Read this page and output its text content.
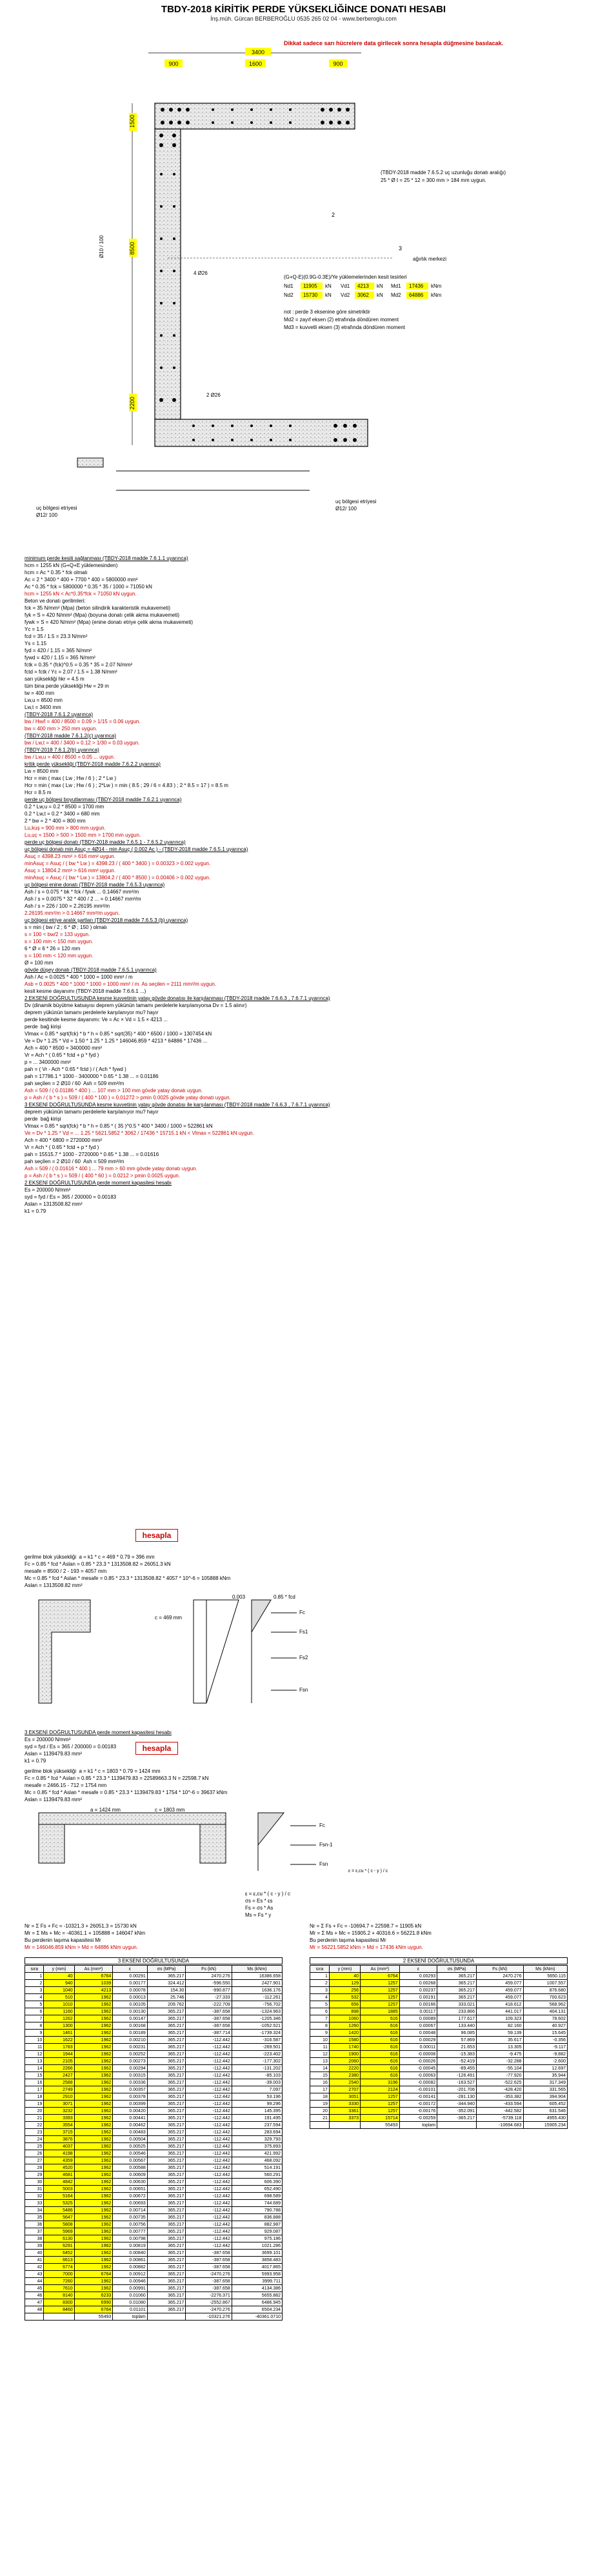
TBDY-2018 KİRİTİK PERDE YÜKSEKLİĞİNCE DONATI HESABI
İnş.müh. Gürcan BERBEROĞLU 0535 265 02 04 - www.berberoglu.com
Dikkat sadece sarı hücrelere data girilecek sonra hesapla düğmesine basılacak.
3400
900	1600	900
1500
8500
2200
(TBDY-2018 madde 7.6.5.2 uç uzunluğu donatı aralığı)
25 * Ø t = 25 * 12 = 300 mm > 184 mm uygun.
ağırlık merkezi
2
3
(G+Q-E)(0.9G-0.3E)/Ye yüklemelerinden kesit tesirleri
Nd1 11905 kN Vd1 4213 kN Md1 17436 kNm
Nd2 15730 kN Vd2 3062 kN Md2 64886 kNm
not : perde 3 eksenine göre simetriktir
Md2 = zayıf eksen (2) etrafında döndüren moment
Md3 = kuvvetli eksen (3) etrafında döndüren moment
4 Ø26
2 Ø26
Ø10 / 100
uç bölgesi etriyesi
Ø12/ 100
uç bölgesi etriyesi
Ø12/ 100
minimum perde kesiti sağlanması (TBDY-2018 madde 7.6.1.1 uyarınca)
hcm = 1255 kN (G+Q+E yüklemesinden)
hcm = Ac * 0.35 * fck olmalı
Ac = 2 * 3400 * 400 + 7700 * 400 = 5800000 mm²
Ac * 0.35 * fck = 5800000 * 0.35 * 35 / 1000 = 71050 kN
hcm = 1255 kN < Ac*0.35*fck = 71050 kN uygun.
Beton ve donatı gerilimleri:
fck = 35 N/mm² (Mpa) (beton silindirik karakteristik mukavemeti)
fyk = S = 420 N/mm² (Mpa) (boyuna donatı çelik akma mukavemeti)
fywk = S = 420 N/mm² (Mpa) (enine donatı etriye çelik akma mukavemeti)
Yc = 1.5
fcd = 35 / 1.5 = 23.3 N/mm²
Ys = 1.15
fyd = 420 / 1.15 = 365 N/mm²
fywd = 420 / 1.15 = 365 N/mm²
fctk = 0.35 * (fck)^0.5 = 0.35 * 35 = 2.07 N/mm²
fctd = fctk / Yc = 2.07 / 1.5 = 1.38 N/mm²
sarı yüksekliği hkr = 4.5 m
tüm bina perde yüksekliği Hw = 29 m
tw = 400 mm
Lw,u = 8500 mm
Lw,t = 3400 mm
(TBDY-2018 7.6.1.2 uyarınca)
bw / Hw/l = 400 / 8500 = 0.09 > 1/15 = 0.06 uygun.
bw = 400 mm > 250 mm uygun.
(TBDY-2018 madde 7.6.1.2(c) uyarınca)
bw / Lw,t = 400 / 3400 = 0.12 > 1/30 = 0.03 uygun.
(TBDY-2018 7.6.1.2(b) uyarınca)
bw / Lw,u = 400 / 8500 = 0.05 ... uygun.
kritik perde yüksekliği (TBDY-2018 madde 7.6.2.2 uyarınca)
Lw = 8500 mm
Hcr = min ( max ( Lw ; Hw / 6 ) ; 2 * Lw )
Hcr = min ( max ( Lw ; Hw / 6 ) ; 2*Lw ) = min ( 8.5 ; 29 / 6 = 4.83 ) ; 2 * 8.5 = 17 ) = 8.5 m
Hcr = 8.5 m
perde uç bölgesi boyutlanması (TBDY-2018 madde 7.6.2.1 uyarınca)
0.2 * Lw,u = 0.2 * 8500 = 1700 mm
0.2 * Lw,t = 0.2 * 3400 = 680 mm
2 * bw = 2 * 400 = 800 mm
Lu,kuş = 900 mm > 800 mm uygun.
Lu,uç = 1500 > 500 > 1500 mm > 1700 mm uygun.
perde uç bölgesi donatı (TBDY-2018 madde 7.6.5.1 - 7.6.5.2 uyarınca)
uç bölgesi donatı min Asuç = 4Ø14 - min Asuç ( 0.002 Ac ) - (TBDY-2018 madde 7.6.5.1 uyarınca)
Asuç = 4398.23 mm² > 616 mm² uygun.
minAsuç = Asuç / ( bw * Lw ) = 4398.23 / ( 400 * 3400 ) = 0.00323 > 0.002 uygun.
Asuç = 13804.2 mm² > 616 mm² uygun.
minAsuç = Asuç / ( bw * Lw ) = 13804.2 / ( 400 * 8500 ) = 0.00406 > 0.002 uygun.
uç bölgesi enine donatı (TBDY-2018 madde 7.6.5.3 uyarınca)
Ash / s = 0.075 * bk * fck / fywk ... 0.14667 mm²/m
Ash / s = 0.0075 * 32 * 400 / 2 ... = 0.14667 mm²/m
Ash / s = 226 / 100 = 2.26195 mm²/m
2.26195 mm²/m > 0.14667 mm²/m uygun.
uç bölgesi etriye aralık şartları (TBDY-2018 madde 7.6.5.3 (b) uyarınca)
s = min ( bw / 2 ; 6 * Ø ; 150 ) olmalı
s = 100 < bw/2 = 133 uygun.
s = 100 mm < 150 mm uygun.
6 * Ø = 6 * 26 = 120 mm
s = 100 mm < 120 mm uygun.
Ø = 100 mm
gövde düşey donatı (TBDY-2018 madde 7.6.5.1 uyarınca)
Ash / Ac = 0.0025 * 400 * 1000 = 1000 mm² / m
Asb = 0.0025 * 400 * 1000 * 1000 = 1000 mm² / m  As seçilen = 2111 mm²/m uygun.
kesit kesme dayanımı (TBDY-2018 madde 7.6.6.1 ...)
2 EKSENİ DOĞRULTUSUNDA kesme kuvvetinin yatay gövde donatısı ile karşılanması (TBDY-2018 madde 7.6.6.3 , 7.6.7.1 uyarınca)
Dv (dinamik büyütme katsayısı deprem yükünün tamamı perdelerle karşılanıyorsa Dv = 1.5 alınır)
deprem yükünün tamamı perdelerle karşılanıyor mu? hayır
perde kesitinde kesme dayanımı: Ve = Ac × Vd = 1.5 × 4213 ...
perde  bağ kirişi
Vlmax = 0.85 * sqrt(fck) * b * h = 0.85 * sqrt(35) * 400 * 6500 / 1000 = 1307454 kN
Ve = Dv * 1.25 * Vd = 1.50 * 1.25 * 1.25 * 146046.859 * 4213 * 64886 * 17436 ...
Ach = 400 * 8500 = 3400000 mm²
Vr = Ach * ( 0.65 * fctd + p * fyd )
p = ... 3400000 mm²
pah = ( Vr - Ach * 0.65 * fctd ) / ( Ach * fywd )
pah = 17786.1 * 1000 - 3400000 * 0.65 * 1.38 ... = 0.01186
pah seçilen = 2 Ø10 / 60  Ash = 509 mm²/m
Ash = 509 / ( 0.01186 * 400 ) ... 107 mm > 100 mm gövde yatay donatı uygun.
p = Ash / ( b * s ) = 509 / ( 400 * 100 ) = 0.01272 > pmin 0.0025 gövde yatay donatı uygun.
3 EKSENİ DOĞRULTUSUNDA kesme kuvvetinin yatay gövde donatısı ile karşılanması (TBDY-2018 madde 7.6.6.3 , 7.6.7.1 uyarınca)
deprem yükünün tamamı perdelerle karşılanıyor mu? hayır
perde  bağ kirişi
Vlmax = 0.85 * sqrt(fck) * b * h = 0.85 * ( 35 )^0.5 * 400 * 3400 / 1000 = 522861 kN
Ve = Dv * 1.25 * Vd = ... 1.25 * 5621.5852 * 3062 / 17436 * 15715.1 kN < Vlmax = 522861 kN uygun.
Ach = 400 * 6800 = 2720000 mm²
Vr = Ach * ( 0.65 * fctd + p * fyd )
pah = 15515.7 * 1000 - 2720000 * 0.65 * 1.38 ... = 0.01616
pah seçilen = 2 Ø10 / 60  Ash = 509 mm²/m
Ash = 509 / ( 0.01616 * 400 ) ... 79 mm > 60 mm gövde yatay donatı uygun.
p = Ash / ( b * s ) = 509 / ( 400 * 60 ) = 0.0212 > pmin 0.0025 uygun.
2 EKSENİ DOĞRULTUSUNDA perde moment kapasitesi hesabı
Es = 200000 N/mm²
syd = fyd / Es = 365 / 200000 = 0.00183
Aslan = 1313508.82 mm²
k1 = 0.79
hesapla
gerilme blok yüksekliği  a = k1 * c = 469 * 0.79 = 396 mm
Fc = 0.85 * fcd * Aslan = 0.85 * 23.3 * 1313508.82 = 26051.3 kN
mesafe = 8500 / 2 - 193 = 4057 mm
Mc = 0.85 * fcd * Aslan * mesafe = 0.85 * 23.3 * 1313508.82 * 4057 * 10^-6 = 105888 kNm
Aslan = 1313508.82 mm²
0.003	0.85 * fcd
Fc
Fs1
Fs2
Fsn
c = 469 mm
3 EKSENİ DOĞRULTUSUNDA perde moment kapasitesi hesabı
Es = 200000 N/mm²
syd = fyd / Es = 365 / 200000 = 0.00183
Aslan = 1139479.83 mm²
k1 = 0.79
hesapla
gerilme blok yüksekliği  a = k1 * c = 1803 * 0.79 = 1424 mm
Fc = 0.85 * fcd * Aslan = 0.85 * 23.3 * 1139479.83 = 22589663.3 N = 22598.7 kN
mesafe = 2466.15 - 712 = 1754 mm
Mc = 0.85 * fcd * Aslan * mesafe = 0.85 * 23.3 * 1139479.83 * 1754 * 10^-6 = 39637 kNm
Aslan = 1139479.83 mm²
a = 1424 mm	c = 1803 mm
Fc
Fsn-1
Fsn
ε = ε,cu * ( c - y ) / c
ε = ε,cu * ( c - y ) / c
σs = Es * εs
Fs = σs * As
Ms = Fs * y
Nr = Σ Fs + Fc = -10321.3 + 26051.3 = 15730 kN
Mr = Σ Ms + Mc = -40361.1 + 105888 = 146047 kNm
Bu perdenin taşıma kapasitesi Mr
Mr = 146046.859 kNm > Md = 64886 kNm uygun.
Nr = Σ Fs + Fc = -10694.7 + 22598.7 = 11905 kN
Mr = Σ Ms + Mc = 15905.2 + 40316.6 = 56221.8 kNm
Bu perdenin taşıma kapasitesi Mr
Mr = 56221.5852 kNm > Md = 17436 kNm uygun.
3 EKSENİ DOĞRULTUSUNDA
sıra	y (mm)	As (mm²)	ε	σs (MPa)	Fs (kN)	Ms (kNm)
1	40	6764	0.00291	365.217	2470.276	16386.658
2	940	1039	0.00177	324.412	-596.550	2427.901
3	1040	4213	0.00078	154.30	-990.877	1636.176
4	510	1962	0.00013	25.746	-27.333	-112.261
5	1010	1962	0.00105	209.762	-222.709	-756.702
6	1160	1962	0.00130	365.217	-387.658	-1324.963
7	1262	1962	0.00147	365.217	-387.658	-1205.346
8	1300	1962	0.00168	365.217	-387.658	-1052.521
9	1461	1962	0.00189	365.217	-387.714	-1739.324
10	1622	1962	0.00210	365.217	-112.442	-316.587
11	1783	1962	0.00231	365.217	-112.442	-269.501
12	1944	1962	0.00252	365.217	-112.442	-223.402
13	2105	1962	0.00273	365.217	-112.442	-177.302
14	2266	1962	0.00294	365.217	-112.442	-131.202
15	2427	1962	0.00315	365.217	-112.442	-85.103
16	2588	1962	0.00336	365.217	-112.442	-39.003
17	2749	1962	0.00357	365.217	-112.442	7.097
18	2910	1962	0.00378	365.217	-112.442	53.196
19	3071	1962	0.00399	365.217	-112.442	99.296
20	3232	1962	0.00420	365.217	-112.442	145.395
21	3393	1962	0.00441	365.217	-112.442	191.495
22	3554	1962	0.00462	365.217	-112.442	237.594
23	3715	1962	0.00483	365.217	-112.442	283.694
24	3876	1962	0.00504	365.217	-112.442	329.793
25	4037	1962	0.00525	365.217	-112.442	375.893
26	4198	1962	0.00546	365.217	-112.442	421.992
27	4359	1962	0.00567	365.217	-112.442	468.092
28	4520	1962	0.00588	365.217	-112.442	514.191
29	4681	1962	0.00609	365.217	-112.442	560.291
30	4842	1962	0.00630	365.217	-112.442	606.390
31	5003	1962	0.00651	365.217	-112.442	652.490
32	5164	1962	0.00672	365.217	-112.442	698.589
33	5325	1962	0.00693	365.217	-112.442	744.689
34	5486	1962	0.00714	365.217	-112.442	790.788
35	5647	1962	0.00735	365.217	-112.442	836.888
36	5808	1962	0.00756	365.217	-112.442	882.987
37	5969	1962	0.00777	365.217	-112.442	929.087
38	6130	1962	0.00798	365.217	-112.442	975.186
39	6291	1962	0.00819	365.217	-112.442	1021.286
40	6452	1962	0.00840	365.217	-387.658	3699.101
41	6613	1962	0.00861	365.217	-387.658	3858.483
42	6774	1962	0.00882	365.217	-387.658	4017.865
43	7000	6764	0.00912	365.217	-2470.276	5993.958
44	7260	1962	0.00946	365.217	-387.658	3999.711
45	7610	1962	0.00991	365.217	-387.658	4134.386
46	8140	6233	0.01060	365.217	-2276.371	5655.882
47	8300	6990	0.01080	365.217	-2552.867	6486.945
48	8460	6764	0.01101	365.217	-2470.276	6504.234
		55493	toplam		-10321.276	-40361.0710
2 EKSENİ DOĞRULTUSUNDA
sıra	y (mm)	As (mm²)	ε	σs (MPa)	Fs (kN)	Ms (kNm)
1	40	6764	0.00293	365.217	2470.276	5650.115
2	129	1257	0.00268	365.217	459.077	1007.557
3	256	1257	0.00237	365.217	459.077	876.680
4	532	1257	0.00191	365.217	459.077	700.623
5	656	1257	0.00166	333.021	418.612	568.962
6	898	1885	0.00117	233.866	441.017	404.131
7	1060	616	0.00089	177.617	109.323	78.602
8	1260	616	0.00067	133.440	82.160	40.927
9	1420	616	0.00048	96.085	59.139	15.645
10	1580	616	0.00029	57.869	35.617	-0.356
11	1740	616	0.00011	21.653	13.305	-9.117
12	1900	616	-0.00008	-15.383	-9.475	-9.882
13	2060	616	-0.00026	-52.419	-32.288	-2.600
14	2220	616	-0.00045	-89.455	-55.104	12.697
15	2380	616	-0.00063	-126.491	-77.920	35.944
16	2540	3196	-0.00082	-163.527	-522.625	317.349
17	2707	2124	-0.00101	-201.706	-428.420	331.565
18	3051	1257	-0.00141	-281.130	-353.382	394.904
19	3330	1257	-0.00172	-344.940	-433.594	605.452
20	3361	1257	-0.00176	-352.091	-442.582	631.546
21	3373	15714	-0.00259	-365.217	-5739.118	4955.430
		55493	toplam		-10694.683	15905.234
